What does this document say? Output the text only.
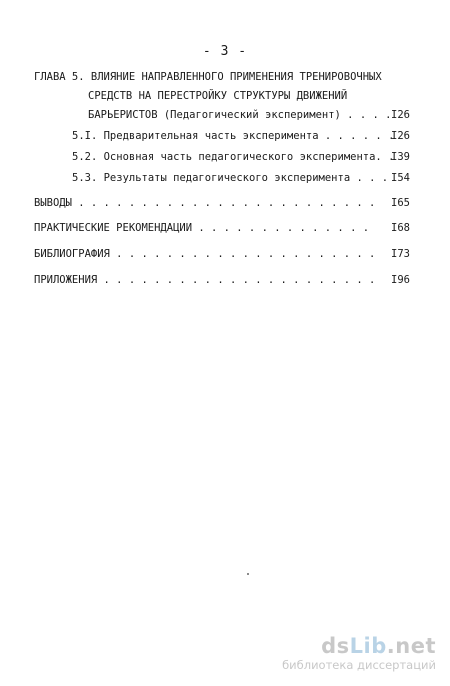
- 3 -
ГЛАВА 5. ВЛИЯНИЕ НАПРАВЛЕННОГО ПРИМЕНЕНИЯ ТРЕНИРОВОЧНЫХ
СРЕДСТВ НА ПЕРЕСТРОЙКУ СТРУКТУРЫ ДВИЖЕНИЙ
БАРЬЕРИСТОВ (Педагогический эксперимент) . . . . I26
5.I. Предварительная часть эксперимента . . . . . .
I26
5.2. Основная часть педагогического эксперимента. .
I39
5.3. Результаты педагогического эксперимента . . . I54
ВЫВОДЫ . . . . . . . . . . . . . . . . . . . . . . . . I65
ПРАКТИЧЕСКИЕ РЕКОМЕНДАЦИИ . . . . . . . . . . . . . . I68
БИБЛИОГРАФИЯ . . . . . . . . . . . . . . . . . . . . . I73
ПРИЛОЖЕНИЯ . . . . . . . . . . . . . . . . . . . . . . I96
dsLib.net
библиотека диссертаций
